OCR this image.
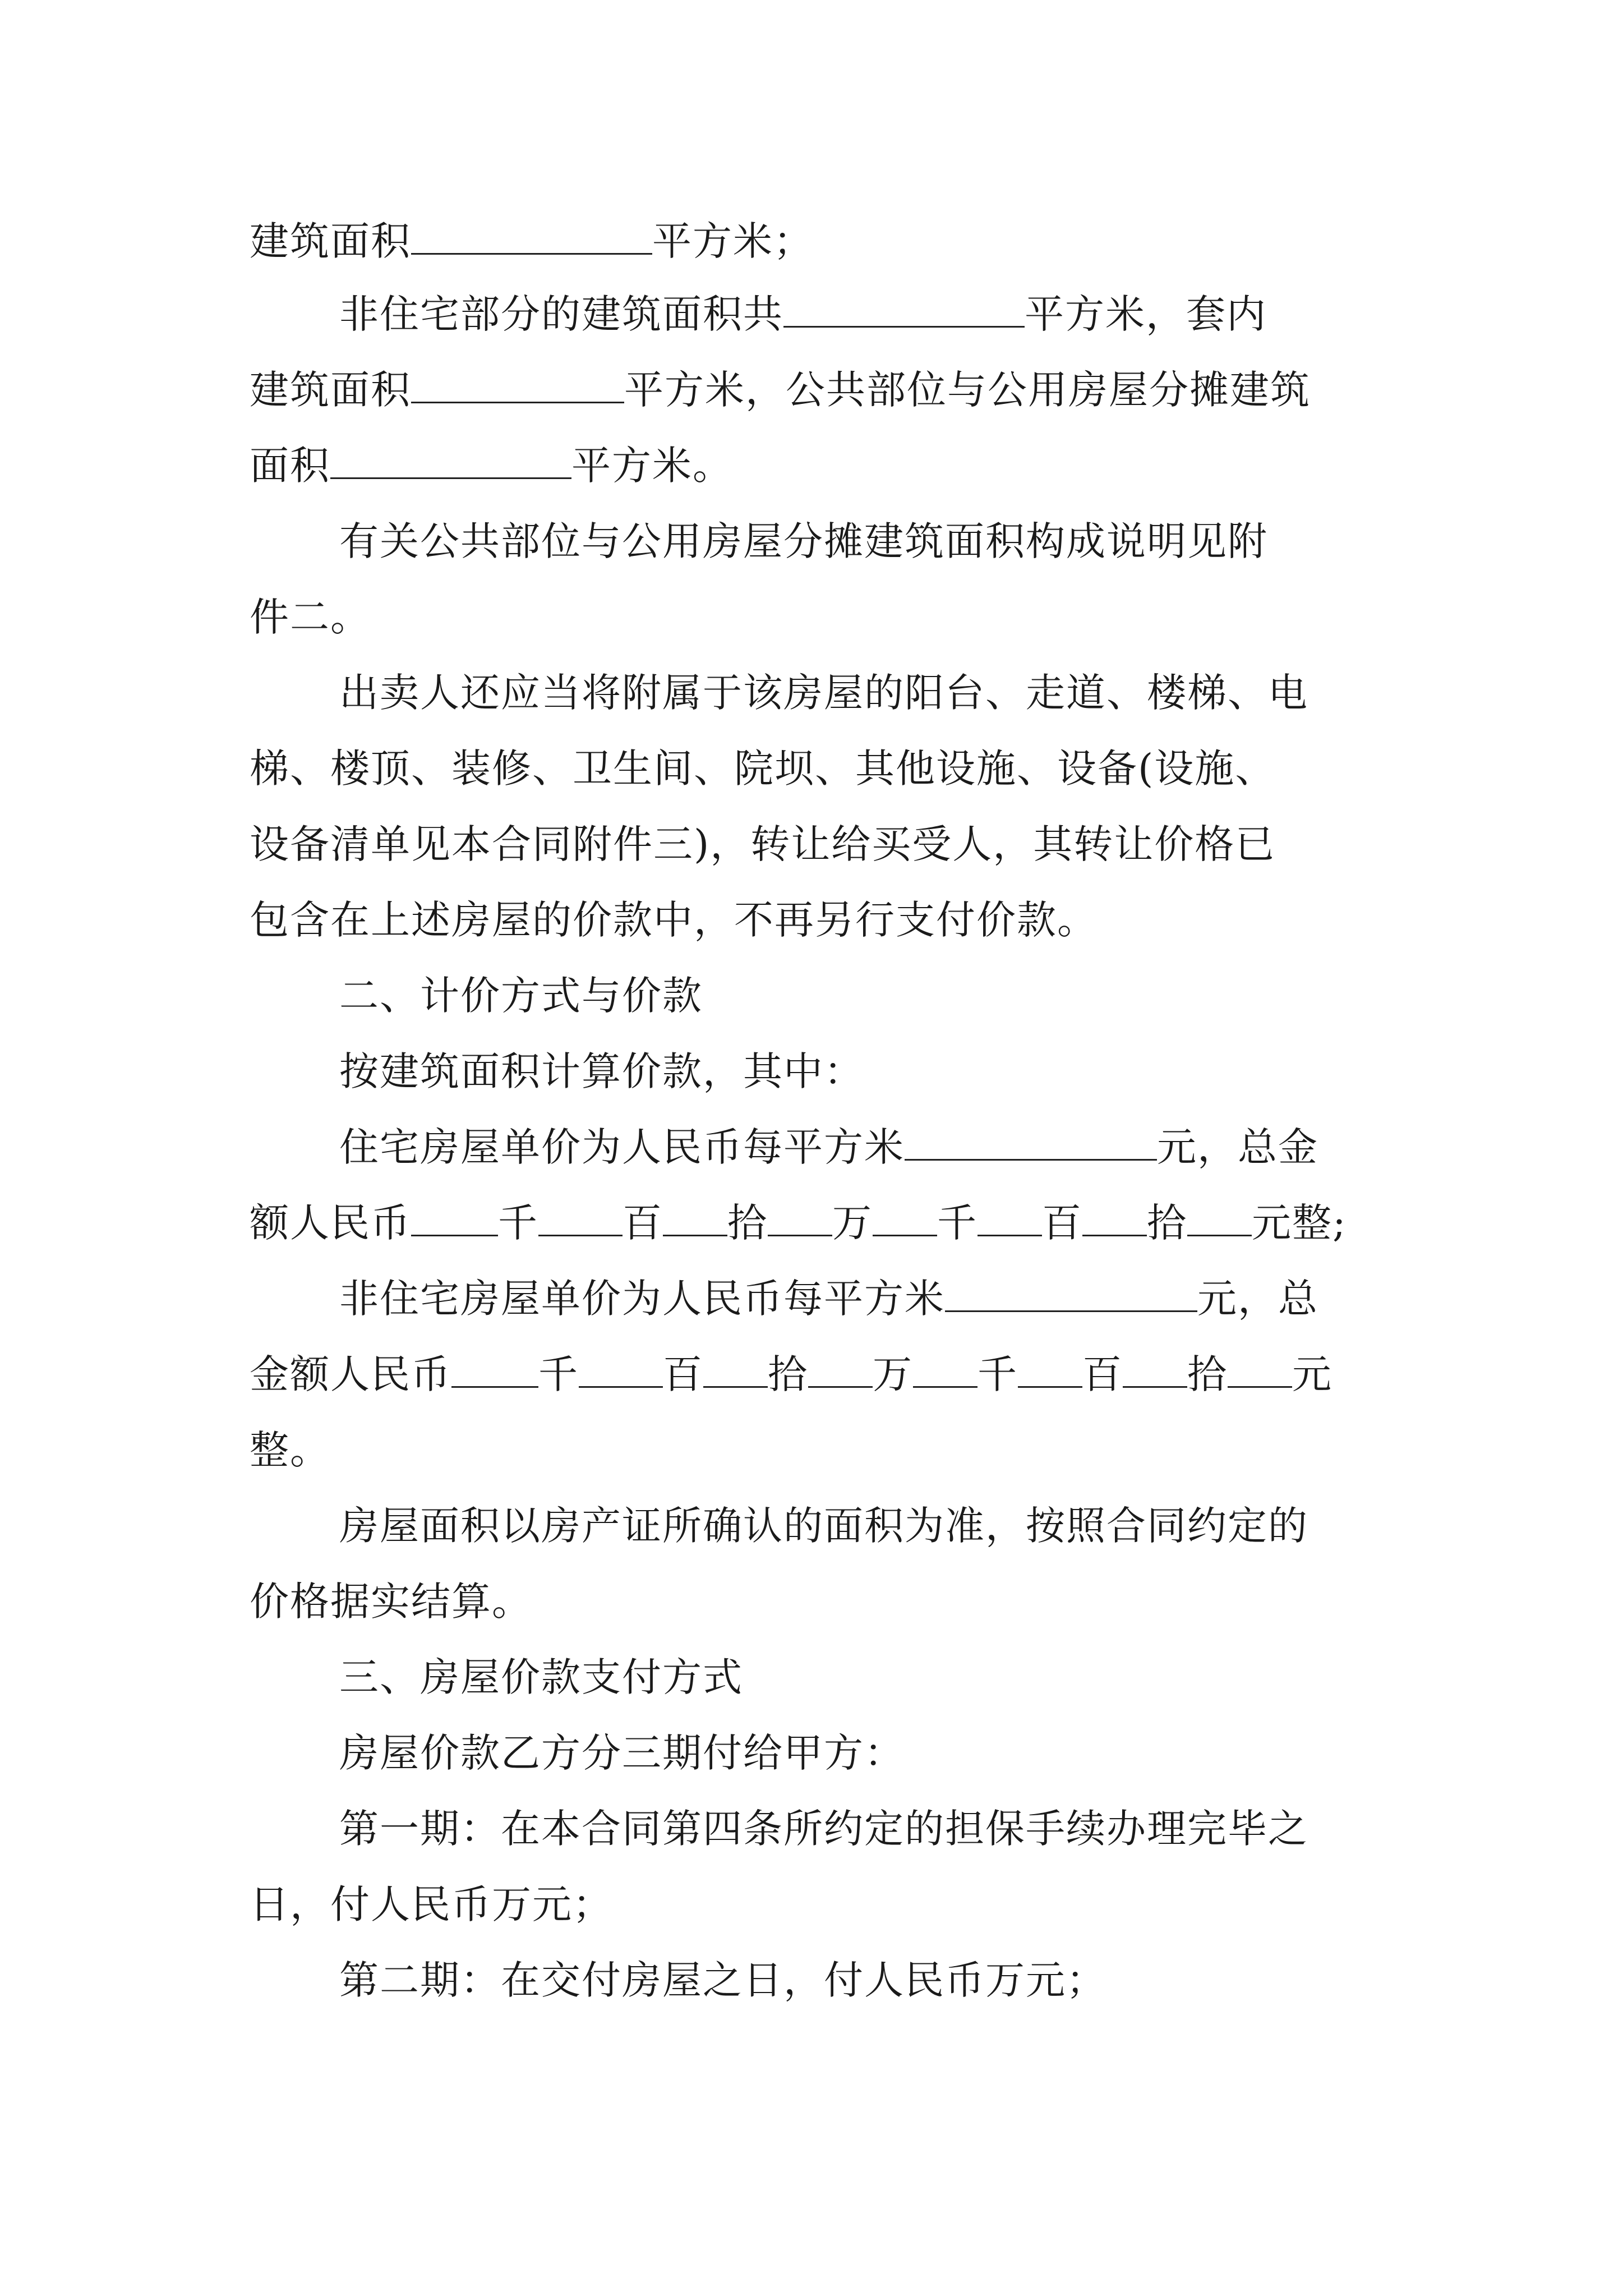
建筑面积	平方米；
非住宅部分的建筑面积共	平方米，套内
建筑面积	平方米，公共部位与公用房屋分摊建筑
面积	平方米。
有关公共部位与公用房屋分摊建筑面积构成说明见附
件二。
出卖人还应当将附属于该房屋的阳台、走道、楼梯、电
梯、楼顶、装修、卫生间、院坝、其他设施、设备(设施、
设备清单见本合同附件三)，转让给买受人，其转让价格已
包含在上述房屋的价款中，不再另行支付价款。
二、计价方式与价款
按建筑面积计算价款，其中：
住宅房屋单价为人民币每平方米	元，总金
额人民币 千 百 拾 万 千 百 拾 元整;
非住宅房屋单价为人民币每平方米	元，总
金额人民币 千 百 拾 万 千 百 拾 元
整。
房屋面积以房产证所确认的面积为准，按照合同约定的
价格据实结算。
三、房屋价款支付方式
房屋价款乙方分三期付给甲方：
第一期：在本合同第四条所约定的担保手续办理完毕之
日，付人民币万元；
第二期：在交付房屋之日，付人民币万元；
